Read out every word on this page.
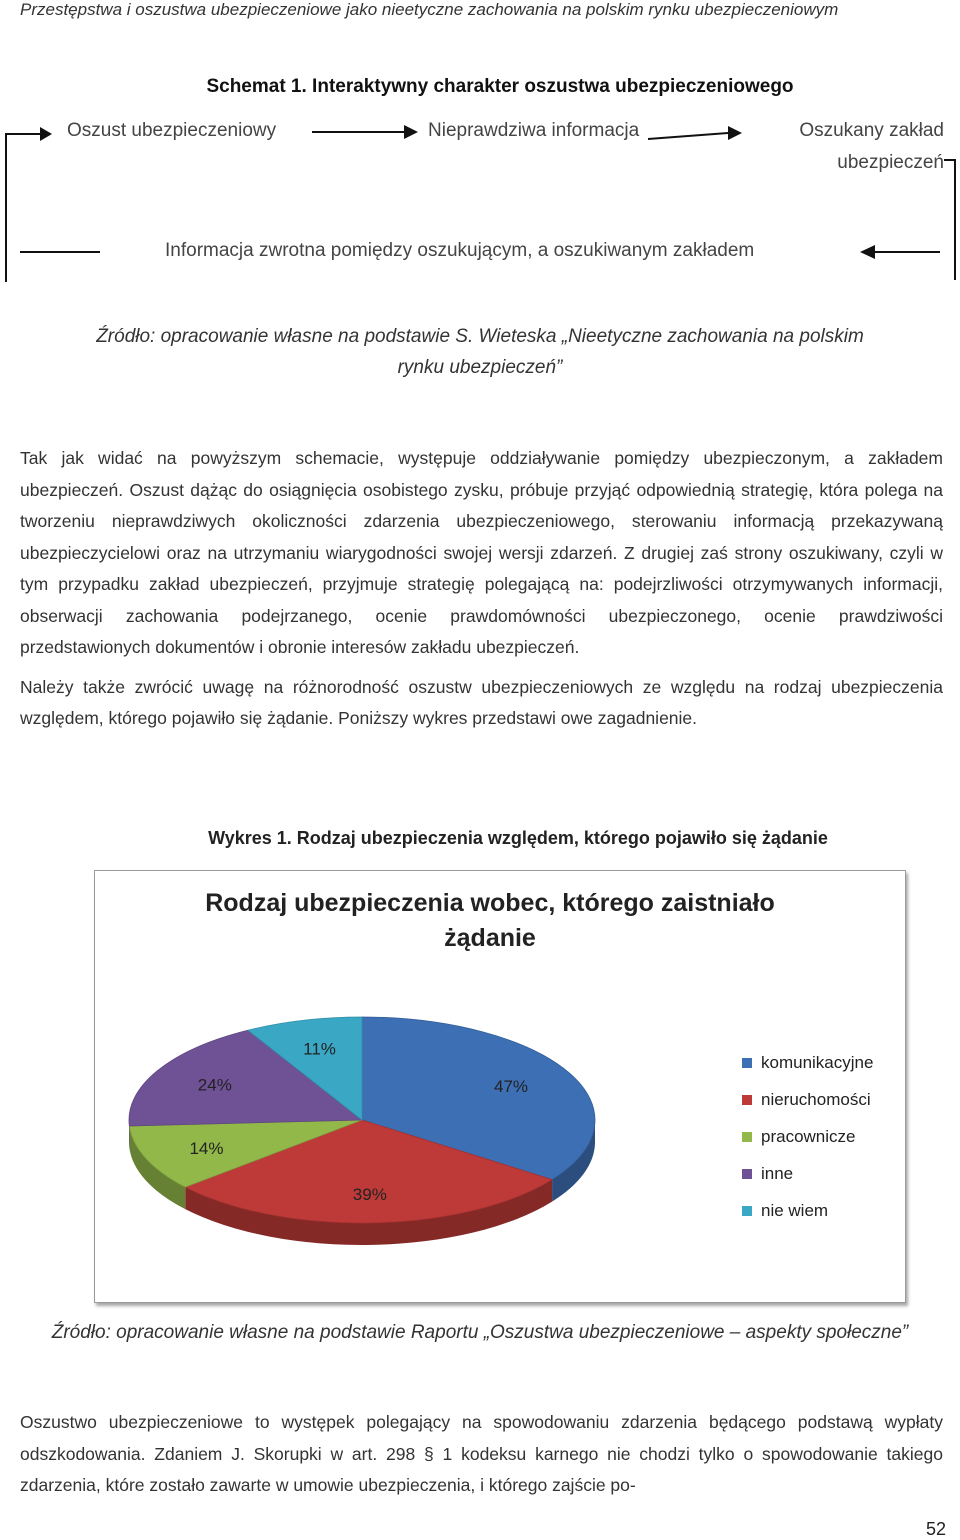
Przestępstwa i oszustwa ubezpieczeniowe jako nieetyczne zachowania na polskim rynku ubezpieczeniowym
Schemat 1. Interaktywny charakter oszustwa ubezpieczeniowego
Oszust ubezpieczeniowy	Nieprawdziwa informacja	Oszukany zakład
ubezpieczeń
Informacja zwrotna pomiędzy oszukującym, a oszukiwanym zakładem
Źródło: opracowanie własne na podstawie S. Wieteska „Nieetyczne zachowania na polskim
rynku ubezpieczeń”

Tak jak widać na powyższym schemacie, występuje oddziaływanie pomiędzy ubezpieczonym, a zakładem ubezpieczeń. Oszust dążąc do osiągnięcia osobistego zysku, próbuje przyjąć odpowiednią strategię, która polega na tworzeniu nieprawdziwych okoliczności zdarzenia ubezpieczeniowego, sterowaniu informacją przekazywaną ubezpieczycielowi oraz na utrzymaniu wiarygodności swojej wersji zdarzeń. Z drugiej zaś strony oszukiwany, czyli w tym przypadku zakład ubezpieczeń, przyjmuje strategię polegającą na: podejrzliwości otrzymywanych informacji, obserwacji zachowania podejrzanego, ocenie prawdomówności ubezpieczonego, ocenie prawdziwości przedstawionych dokumentów i obronie interesów zakładu ubezpieczeń.

Należy także zwrócić uwagę na różnorodność oszustw ubezpieczeniowych ze względu na rodzaj ubezpieczenia względem, którego pojawiło się żądanie. Poniższy wykres przedstawi owe zagadnienie.

Wykres 1. Rodzaj ubezpieczenia względem, którego pojawiło się żądanie
Rodzaj ubezpieczenia wobec, którego zaistniało
żądanie
47%
39%
14%
24%
11%
komunikacyjne
nieruchomości
pracownicze
inne
nie wiem
Źródło: opracowanie własne na podstawie Raportu „Oszustwa ubezpieczeniowe – aspekty społeczne”

Oszustwo ubezpieczeniowe to występek polegający na spowodowaniu zdarzenia będącego podstawą wypłaty odszkodowania. Zdaniem J. Skorupki w art. 298 § 1 kodeksu karnego nie chodzi tylko o spowodowanie takiego zdarzenia, które zostało zawarte w umowie ubezpieczenia, i którego zajście po-

52
